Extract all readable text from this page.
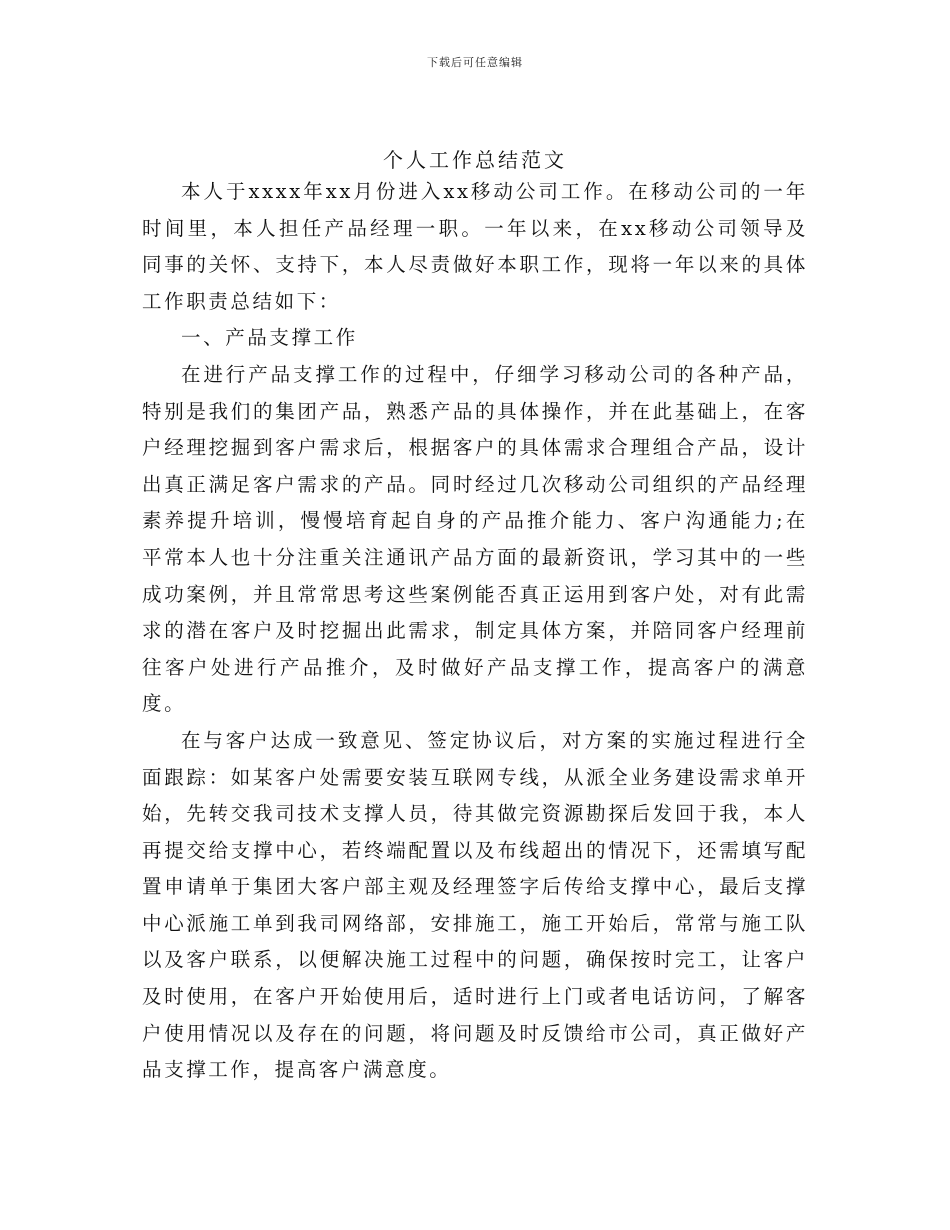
下载后可任意编辑
个人工作总结范文

本人于xxxx年xx月份进入xx移动公司工作。在移动公司的一年时间里，本人担任产品经理一职。一年以来，在xx移动公司领导及同事的关怀、支持下，本人尽责做好本职工作，现将一年以来的具体工作职责总结如下：

一、产品支撑工作

在进行产品支撑工作的过程中，仔细学习移动公司的各种产品，特别是我们的集团产品，熟悉产品的具体操作，并在此基础上，在客户经理挖掘到客户需求后，根据客户的具体需求合理组合产品，设计出真正满足客户需求的产品。同时经过几次移动公司组织的产品经理素养提升培训，慢慢培育起自身的产品推介能力、客户沟通能力;在平常本人也十分注重关注通讯产品方面的最新资讯，学习其中的一些成功案例，并且常常思考这些案例能否真正运用到客户处，对有此需求的潜在客户及时挖掘出此需求，制定具体方案，并陪同客户经理前往客户处进行产品推介，及时做好产品支撑工作，提高客户的满意度。

在与客户达成一致意见、签定协议后，对方案的实施过程进行全面跟踪：如某客户处需要安装互联网专线，从派全业务建设需求单开始，先转交我司技术支撑人员，待其做完资源勘探后发回于我，本人再提交给支撑中心，若终端配置以及布线超出的情况下，还需填写配置申请单于集团大客户部主观及经理签字后传给支撑中心，最后支撑中心派施工单到我司网络部，安排施工，施工开始后，常常与施工队以及客户联系，以便解决施工过程中的问题，确保按时完工，让客户及时使用，在客户开始使用后，适时进行上门或者电话访问，了解客户使用情况以及存在的问题，将问题及时反馈给市公司，真正做好产品支撑工作，提高客户满意度。
